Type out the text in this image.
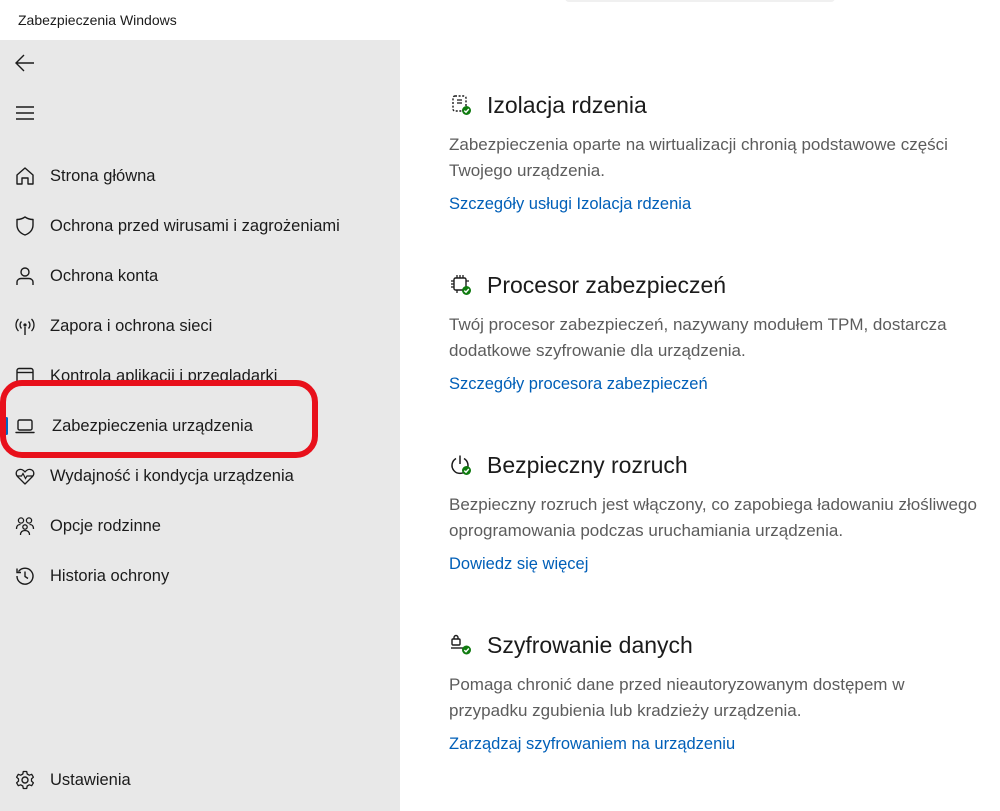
Zabezpieczenia Windows
Strona główna
Ochrona przed wirusami i zagrożeniami
Ochrona konta
Zapora i ochrona sieci
Kontrola aplikacji i przeglądarki
Zabezpieczenia urządzenia
Wydajność i kondycja urządzenia
Opcje rodzinne
Historia ochrony
Ustawienia
Izolacja rdzenia

Zabezpieczenia oparte na wirtualizacji chronią podstawowe części Twojego urządzenia.

Szczegóły usługi Izolacja rdzenia
Procesor zabezpieczeń

Twój procesor zabezpieczeń, nazywany modułem TPM, dostarcza dodatkowe szyfrowanie dla urządzenia.

Szczegóły procesora zabezpieczeń
Bezpieczny rozruch

Bezpieczny rozruch jest włączony, co zapobiega ładowaniu złośliwego oprogramowania podczas uruchamiania urządzenia.

Dowiedz się więcej
Szyfrowanie danych

Pomaga chronić dane przed nieautoryzowanym dostępem w przypadku zgubienia lub kradzieży urządzenia.

Zarządzaj szyfrowaniem na urządzeniu
